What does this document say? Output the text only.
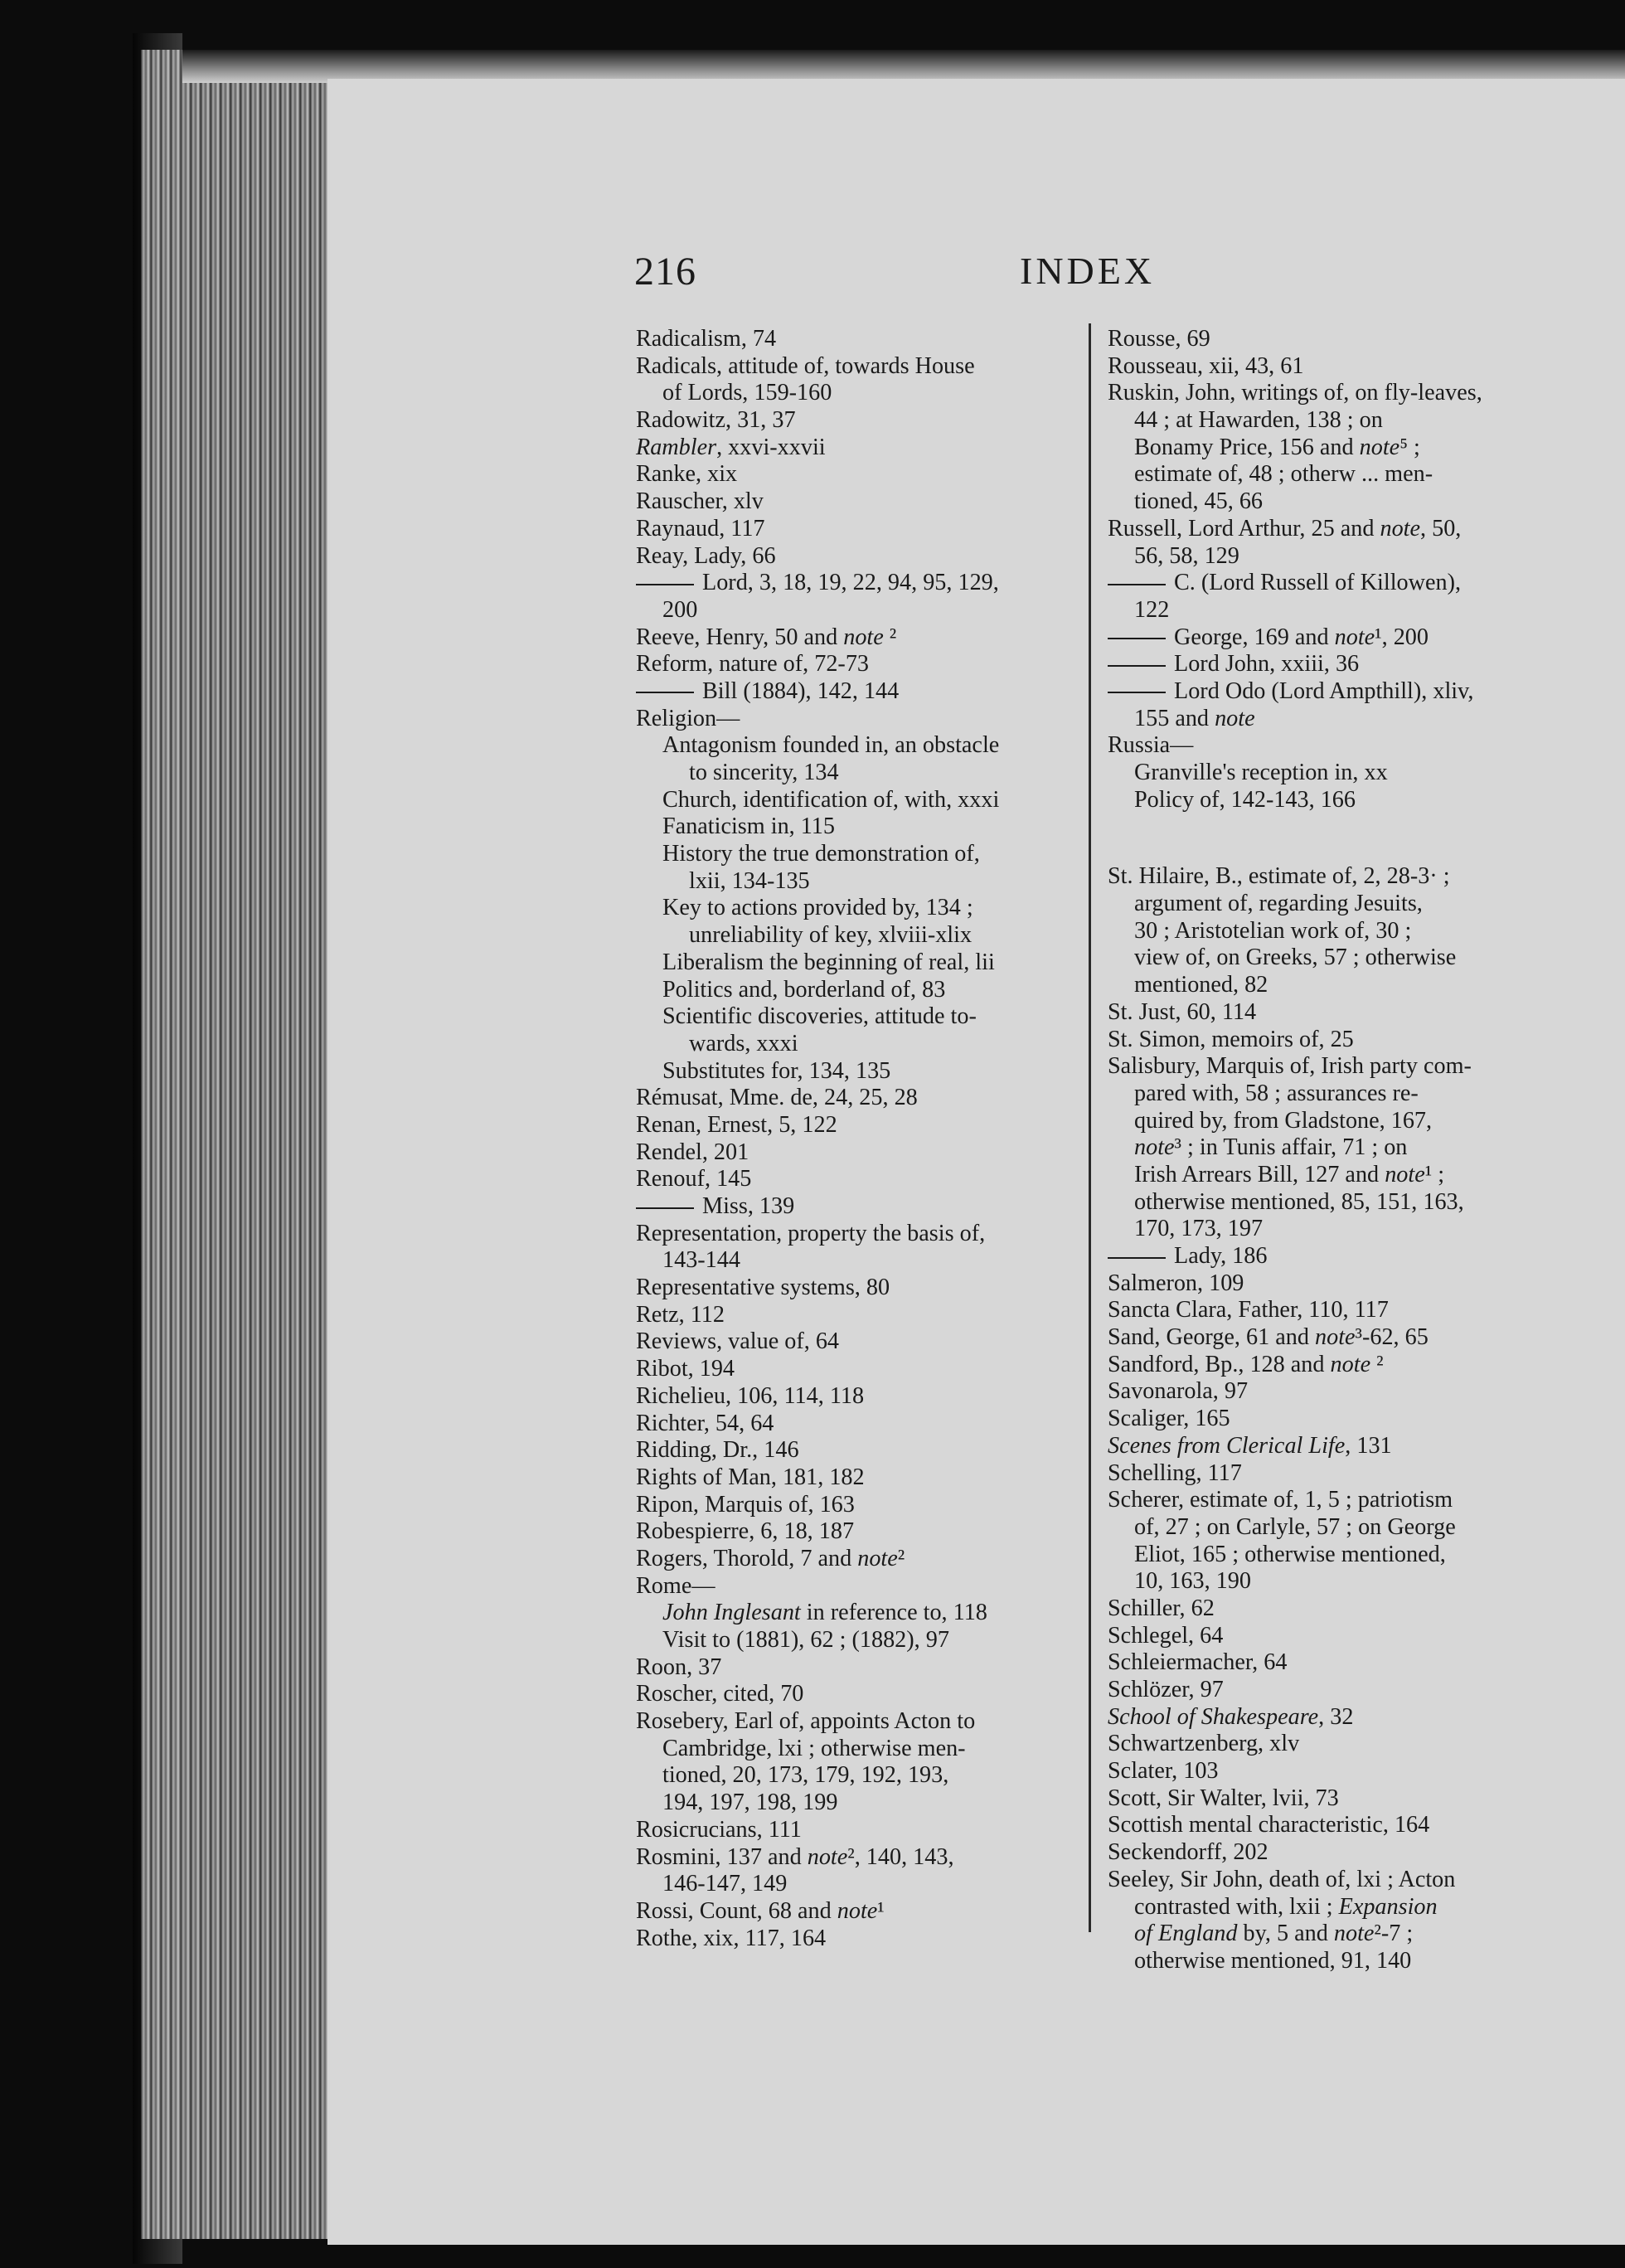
216	INDEX
Radicalism, 74
Radicals, attitude of, towards House
of Lords, 159-160
Radowitz, 31, 37
Rambler, xxvi-xxvii
Ranke, xix
Rauscher, xlv
Raynaud, 117
Reay, Lady, 66
Lord, 3, 18, 19, 22, 94, 95, 129,
200
Reeve, Henry, 50 and note ²
Reform, nature of, 72-73
Bill (1884), 142, 144
Religion—
Antagonism founded in, an obstacle
to sincerity, 134
Church, identification of, with, xxxi
Fanaticism in, 115
History the true demonstration of,
lxii, 134-135
Key to actions provided by, 134 ;
unreliability of key, xlviii-xlix
Liberalism the beginning of real, lii
Politics and, borderland of, 83
Scientific discoveries, attitude to-
wards, xxxi
Substitutes for, 134, 135
Rémusat, Mme. de, 24, 25, 28
Renan, Ernest, 5, 122
Rendel, 201
Renouf, 145
Miss, 139
Representation, property the basis of,
143-144
Representative systems, 80
Retz, 112
Reviews, value of, 64
Ribot, 194
Richelieu, 106, 114, 118
Richter, 54, 64
Ridding, Dr., 146
Rights of Man, 181, 182
Ripon, Marquis of, 163
Robespierre, 6, 18, 187
Rogers, Thorold, 7 and note²
Rome—
John Inglesant in reference to, 118
Visit to (1881), 62 ; (1882), 97
Roon, 37
Roscher, cited, 70
Rosebery, Earl of, appoints Acton to
Cambridge, lxi ; otherwise men-
tioned, 20, 173, 179, 192, 193,
194, 197, 198, 199
Rosicrucians, 111
Rosmini, 137 and note², 140, 143,
146-147, 149
Rossi, Count, 68 and note¹
Rothe, xix, 117, 164
Rousse, 69
Rousseau, xii, 43, 61
Ruskin, John, writings of, on fly-leaves,
44 ; at Hawarden, 138 ; on
Bonamy Price, 156 and note⁵ ;
estimate of, 48 ; otherw ... men-
tioned, 45, 66
Russell, Lord Arthur, 25 and note, 50,
56, 58, 129
C. (Lord Russell of Killowen),
122
George, 169 and note¹, 200
Lord John, xxiii, 36
Lord Odo (Lord Ampthill), xliv,
155 and note
Russia—
Granville's reception in, xx
Policy of, 142-143, 166
St. Hilaire, B., estimate of, 2, 28-3· ;
argument of, regarding Jesuits,
30 ; Aristotelian work of, 30 ;
view of, on Greeks, 57 ; otherwise
mentioned, 82
St. Just, 60, 114
St. Simon, memoirs of, 25
Salisbury, Marquis of, Irish party com-
pared with, 58 ; assurances re-
quired by, from Gladstone, 167,
note³ ; in Tunis affair, 71 ; on
Irish Arrears Bill, 127 and note¹ ;
otherwise mentioned, 85, 151, 163,
170, 173, 197
Lady, 186
Salmeron, 109
Sancta Clara, Father, 110, 117
Sand, George, 61 and note³-62, 65
Sandford, Bp., 128 and note ²
Savonarola, 97
Scaliger, 165
Scenes from Clerical Life, 131
Schelling, 117
Scherer, estimate of, 1, 5 ; patriotism
of, 27 ; on Carlyle, 57 ; on George
Eliot, 165 ; otherwise mentioned,
10, 163, 190
Schiller, 62
Schlegel, 64
Schleiermacher, 64
Schlözer, 97
School of Shakespeare, 32
Schwartzenberg, xlv
Sclater, 103
Scott, Sir Walter, lvii, 73
Scottish mental characteristic, 164
Seckendorff, 202
Seeley, Sir John, death of, lxi ; Acton
contrasted with, lxii ; Expansion
of England by, 5 and note²-7 ;
otherwise mentioned, 91, 140
